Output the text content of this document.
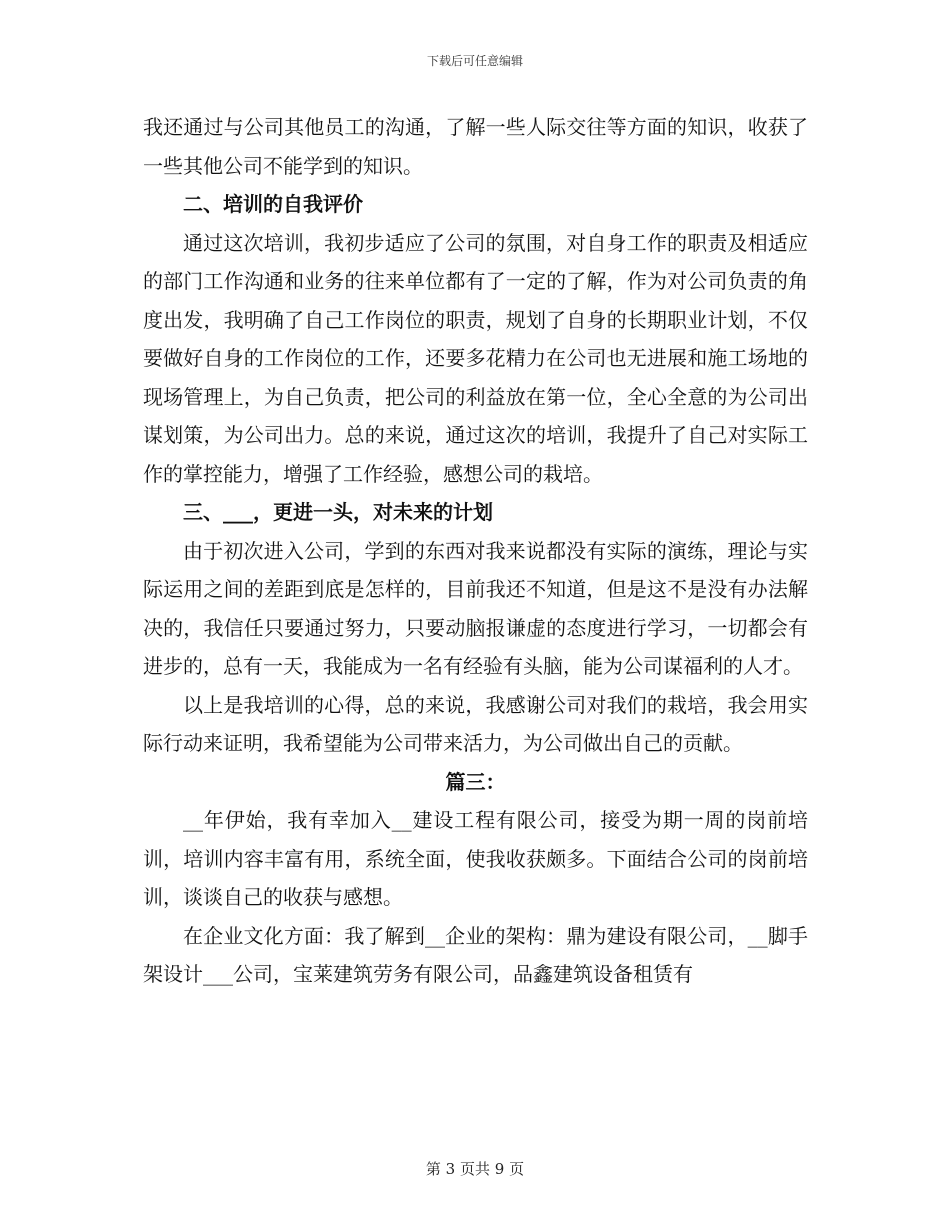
下载后可任意编辑

我还通过与公司其他员工的沟通，了解一些人际交往等方面的知识，收获了一些其他公司不能学到的知识。

二、培训的自我评价

通过这次培训，我初步适应了公司的氛围，对自身工作的职责及相适应的部门工作沟通和业务的往来单位都有了一定的了解，作为对公司负责的角度出发，我明确了自己工作岗位的职责，规划了自身的长期职业计划，不仅要做好自身的工作岗位的工作，还要多花精力在公司也无进展和施工场地的现场管理上，为自己负责，把公司的利益放在第一位，全心全意的为公司出谋划策，为公司出力。总的来说，通过这次的培训，我提升了自己对实际工作的掌控能力，增强了工作经验，感想公司的栽培。

三、___，更进一头，对未来的计划

由于初次进入公司，学到的东西对我来说都没有实际的演练，理论与实际运用之间的差距到底是怎样的，目前我还不知道，但是这不是没有办法解决的，我信任只要通过努力，只要动脑报谦虚的态度进行学习，一切都会有进步的，总有一天，我能成为一名有经验有头脑，能为公司谋福利的人才。

以上是我培训的心得，总的来说，我感谢公司对我们的栽培，我会用实际行动来证明，我希望能为公司带来活力，为公司做出自己的贡献。

篇三：

__年伊始，我有幸加入__建设工程有限公司，接受为期一周的岗前培训，培训内容丰富有用，系统全面，使我收获颇多。下面结合公司的岗前培训，谈谈自己的收获与感想。

在企业文化方面：我了解到__企业的架构：鼎为建设有限公司，__脚手架设计___公司，宝莱建筑劳务有限公司，品鑫建筑设备租赁有

第 3 页共 9 页
